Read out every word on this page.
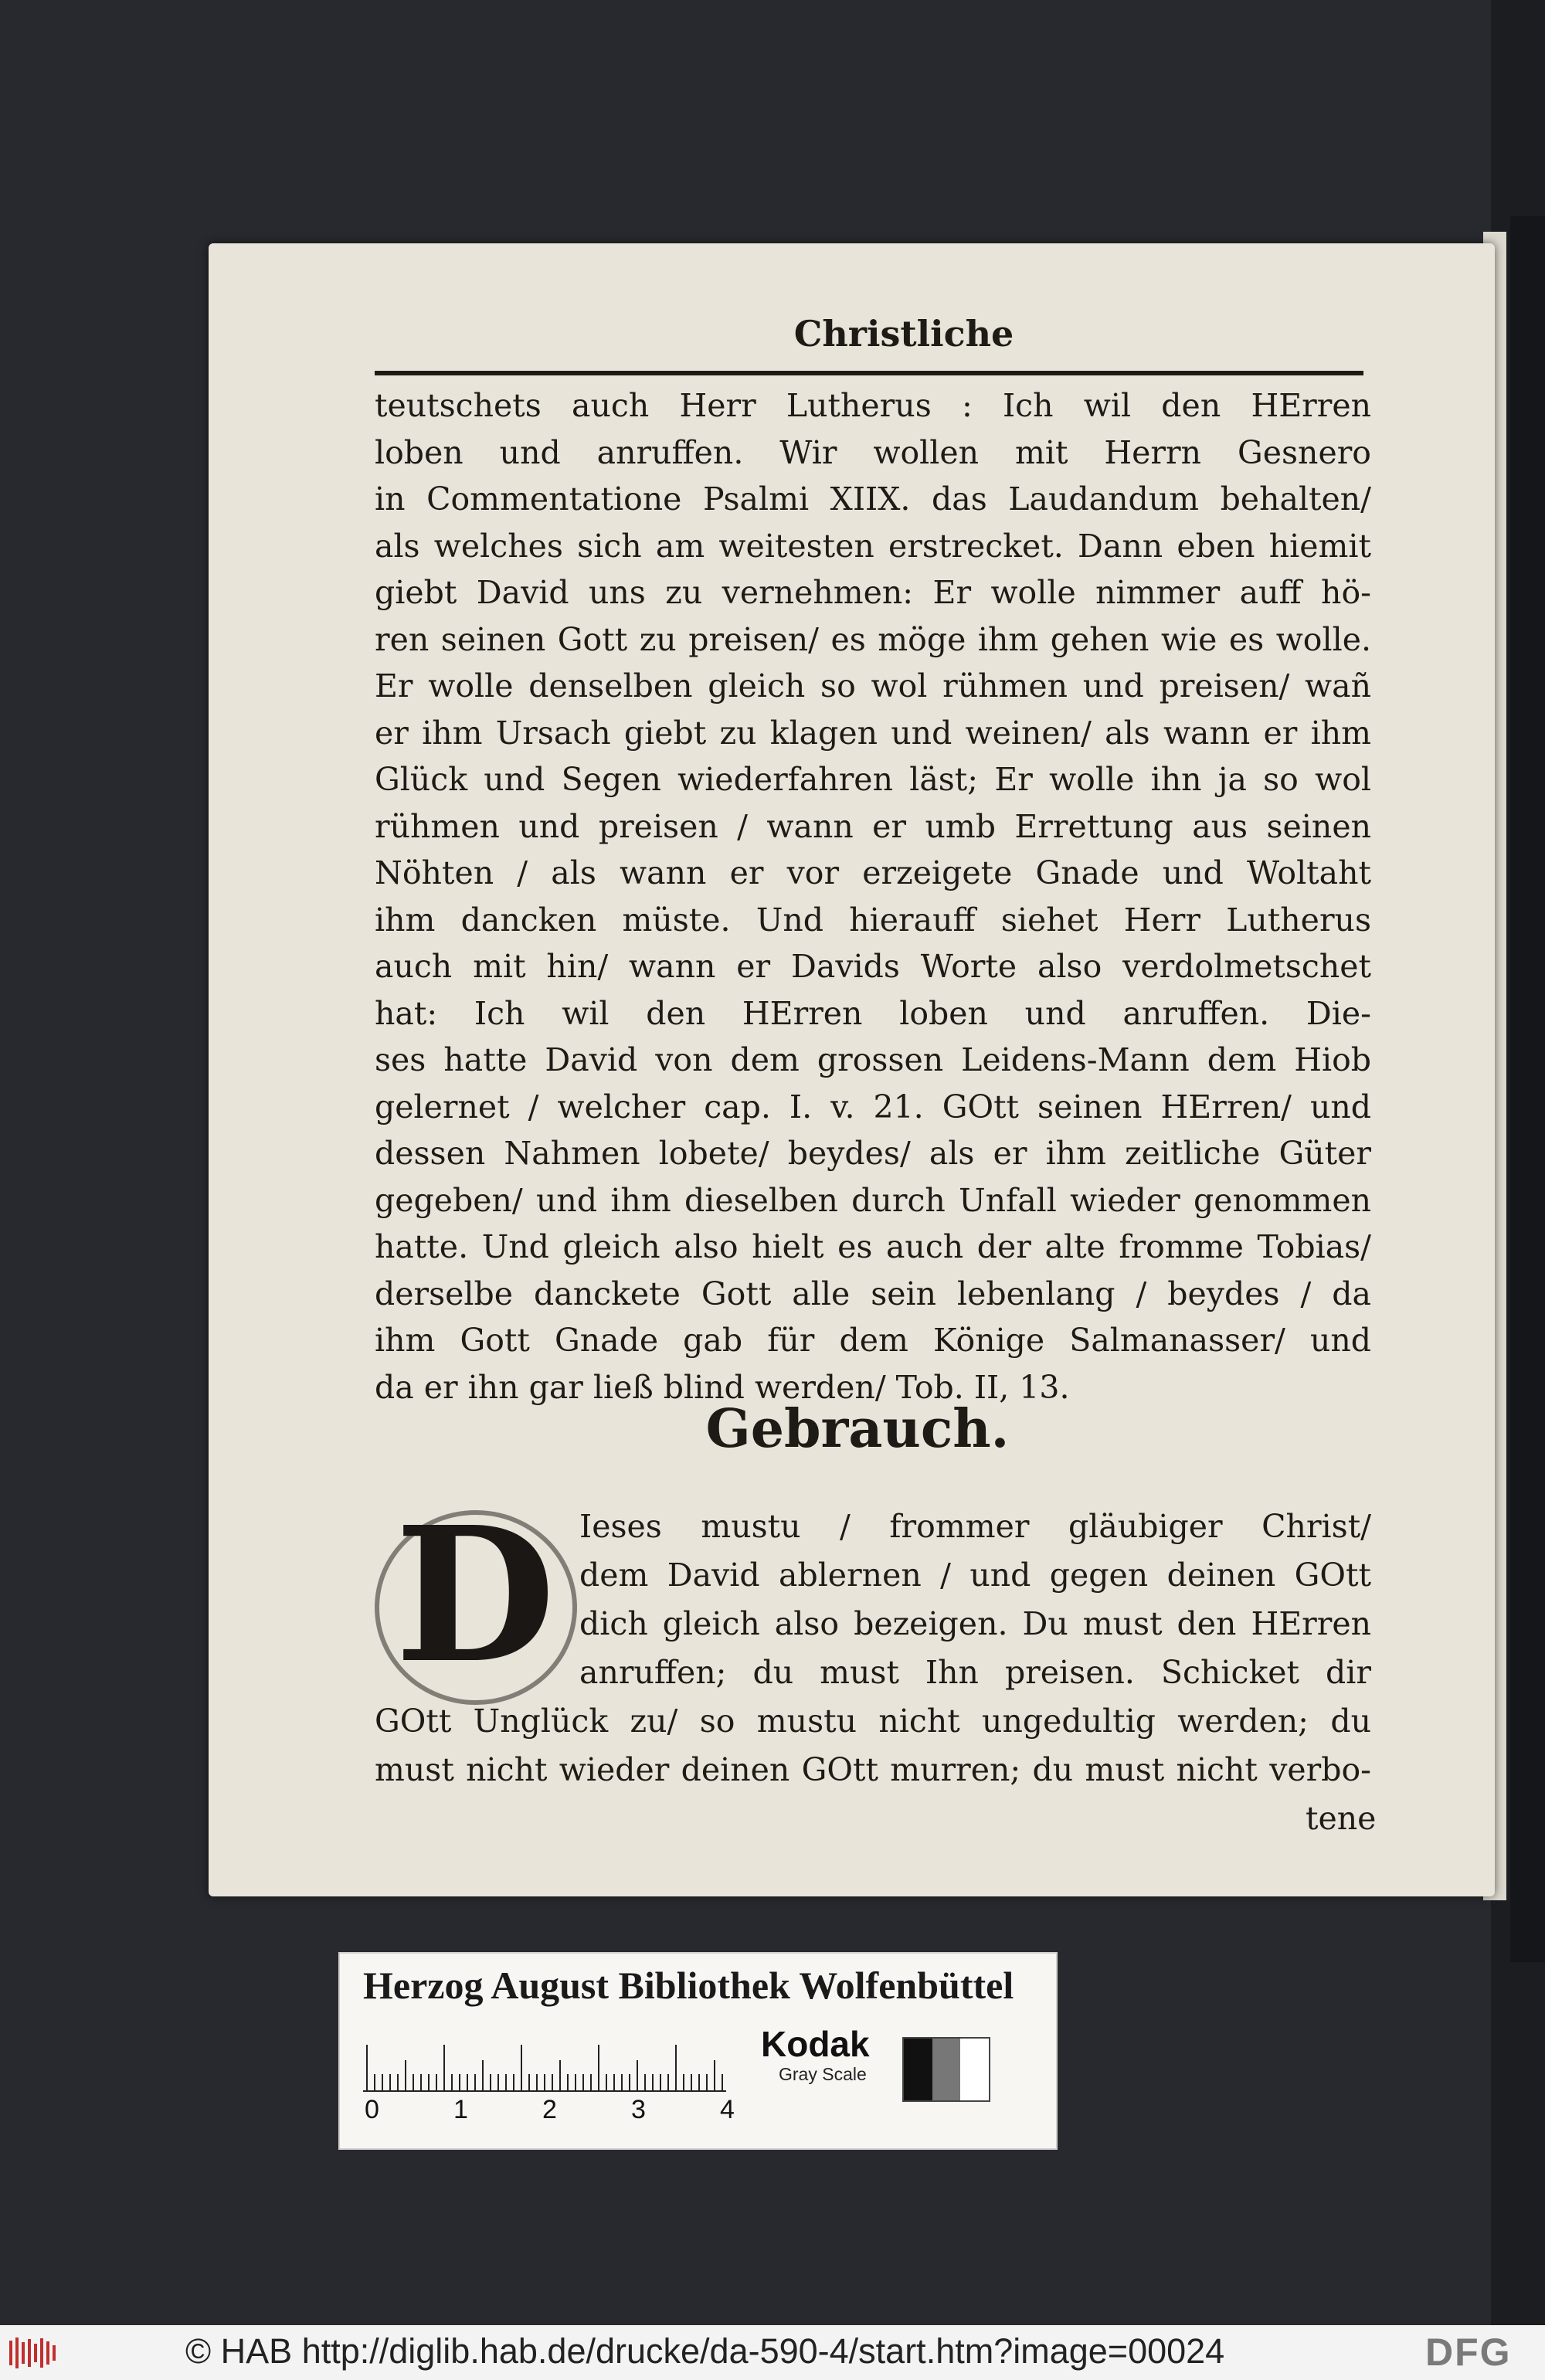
Christliche
teutschets auch Herr Lutherus : Ich wil den HErren
loben und anruffen. Wir wollen mit Herrn Gesnero
in Commentatione Psalmi XIIX. das Laudandum behalten/
als welches sich am weitesten erstrecket. Dann eben hiemit
giebt David uns zu vernehmen: Er wolle nimmer auff hö-
ren seinen Gott zu preisen/ es möge ihm gehen wie es wolle.
Er wolle denselben gleich so wol rühmen und preisen/ wañ
er ihm Ursach giebt zu klagen und weinen/ als wann er ihm
Glück und Segen wiederfahren läst; Er wolle ihn ja so wol
rühmen und preisen / wann er umb Errettung aus seinen
Nöhten / als wann er vor erzeigete Gnade und Woltaht
ihm dancken müste. Und hierauff siehet Herr Lutherus
auch mit hin/ wann er Davids Worte also verdolmetschet
hat: Ich wil den HErren loben und anruffen. Die-
ses hatte David von dem grossen Leidens-Mann dem Hiob
gelernet / welcher cap. I. v. 21. GOtt seinen HErren/ und
dessen Nahmen lobete/ beydes/ als er ihm zeitliche Güter
gegeben/ und ihm dieselben durch Unfall wieder genommen
hatte. Und gleich also hielt es auch der alte fromme Tobias/
derselbe danckete Gott alle sein lebenlang / beydes / da
ihm Gott Gnade gab für dem Könige Salmanasser/ und
da er ihn gar ließ blind werden/ Tob. II, 13.
Gebrauch.
D Ieses mustu / frommer gläubiger Christ/
dem David ablernen / und gegen deinen GOtt
dich gleich also bezeigen. Du must den HErren
anruffen; du must Ihn preisen. Schicket dir
GOtt Unglück zu/ so mustu nicht ungedultig werden; du
must nicht wieder deinen GOtt murren; du must nicht verbo-
tene
Herzog August Bibliothek Wolfenbüttel
0	1	2	3	4
Kodak
Gray Scale
© HAB http://diglib.hab.de/drucke/da-590-4/start.htm?image=00024	DFG
